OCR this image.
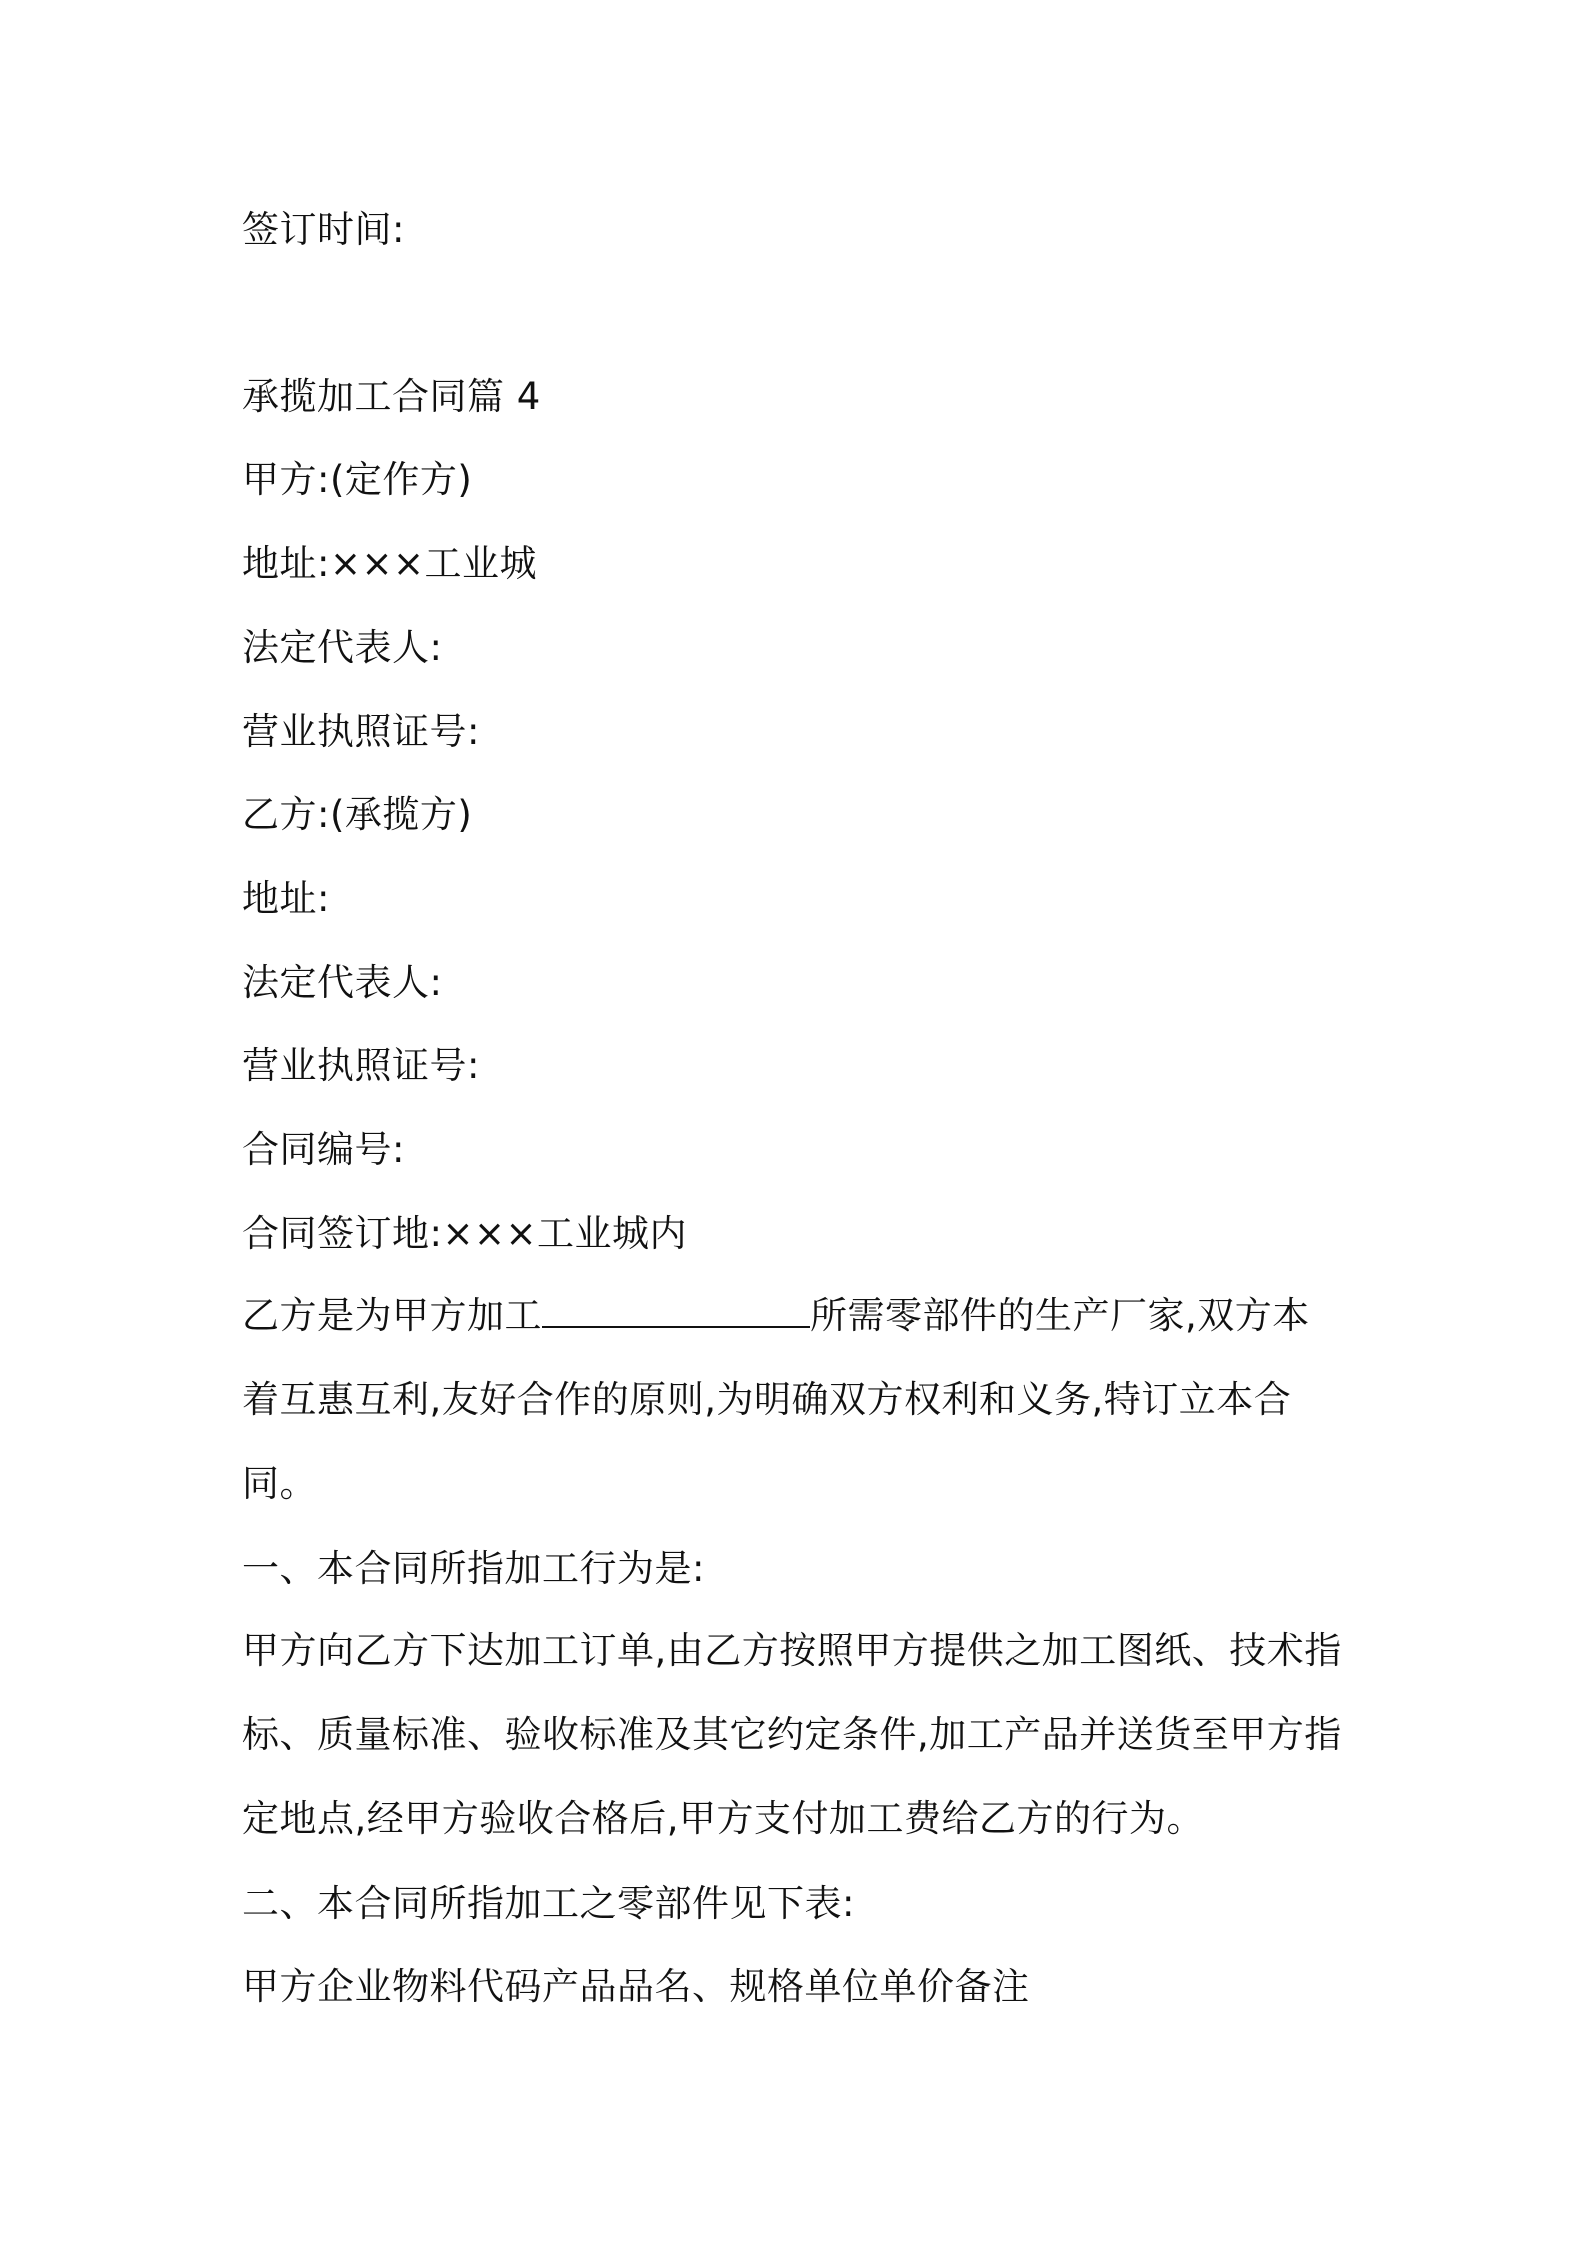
签订时间:
承揽加工合同篇 4
甲方:(定作方)
地址:×××工业城
法定代表人:
营业执照证号:
乙方:(承揽方)
地址:
法定代表人:
营业执照证号:
合同编号:
合同签订地:×××工业城内
乙方是为甲方加工	所需零部件的生产厂家,双方本
着互惠互利,友好合作的原则,为明确双方权利和义务,特订立本合
同。
一、本合同所指加工行为是:
甲方向乙方下达加工订单,由乙方按照甲方提供之加工图纸、技术指
标、质量标准、验收标准及其它约定条件,加工产品并送货至甲方指
定地点,经甲方验收合格后,甲方支付加工费给乙方的行为。
二、本合同所指加工之零部件见下表:
甲方企业物料代码产品品名、规格单位单价备注
